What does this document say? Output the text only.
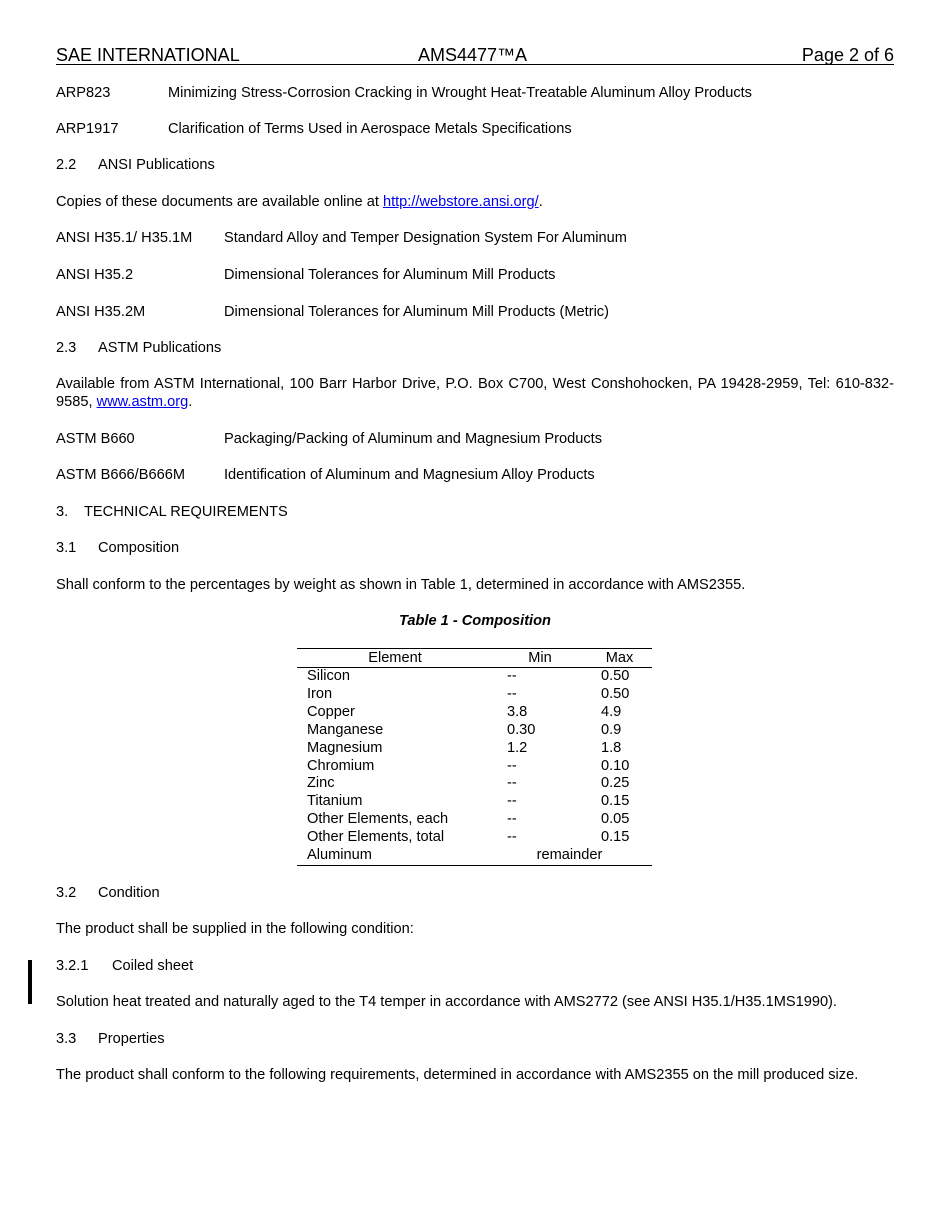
SAE INTERNATIONAL	AMS4477™A	Page 2 of 6
ARP823	Minimizing Stress-Corrosion Cracking in Wrought Heat-Treatable Aluminum Alloy Products
ARP1917	Clarification of Terms Used in Aerospace Metals Specifications
2.2 ANSI Publications
Copies of these documents are available online at http://webstore.ansi.org/.
ANSI H35.1/ H35.1M Standard Alloy and Temper Designation System For Aluminum
ANSI H35.2	Dimensional Tolerances for Aluminum Mill Products
ANSI H35.2M	Dimensional Tolerances for Aluminum Mill Products (Metric)
2.3 ASTM Publications
Available from ASTM International, 100 Barr Harbor Drive, P.O. Box C700, West Conshohocken, PA 19428-2959, Tel: 610-832-9585, www.astm.org.
ASTM B660	Packaging/Packing of Aluminum and Magnesium Products
ASTM B666/B666M	Identification of Aluminum and Magnesium Alloy Products
3. TECHNICAL REQUIREMENTS
3.1 Composition
Shall conform to the percentages by weight as shown in Table 1, determined in accordance with AMS2355.
Table 1 - Composition
Element	Min	Max
Silicon	--	0.50
Iron	--	0.50
Copper	3.8	4.9
Manganese	0.30	0.9
Magnesium	1.2	1.8
Chromium	--	0.10
Zinc	--	0.25
Titanium	--	0.15
Other Elements, each	--	0.05
Other Elements, total	--	0.15
Aluminum	remainder	
3.2 Condition
The product shall be supplied in the following condition:
3.2.1 Coiled sheet
Solution heat treated and naturally aged to the T4 temper in accordance with AMS2772 (see ANSI H35.1/H35.1MS1990).
3.3 Properties
The product shall conform to the following requirements, determined in accordance with AMS2355 on the mill produced size.
